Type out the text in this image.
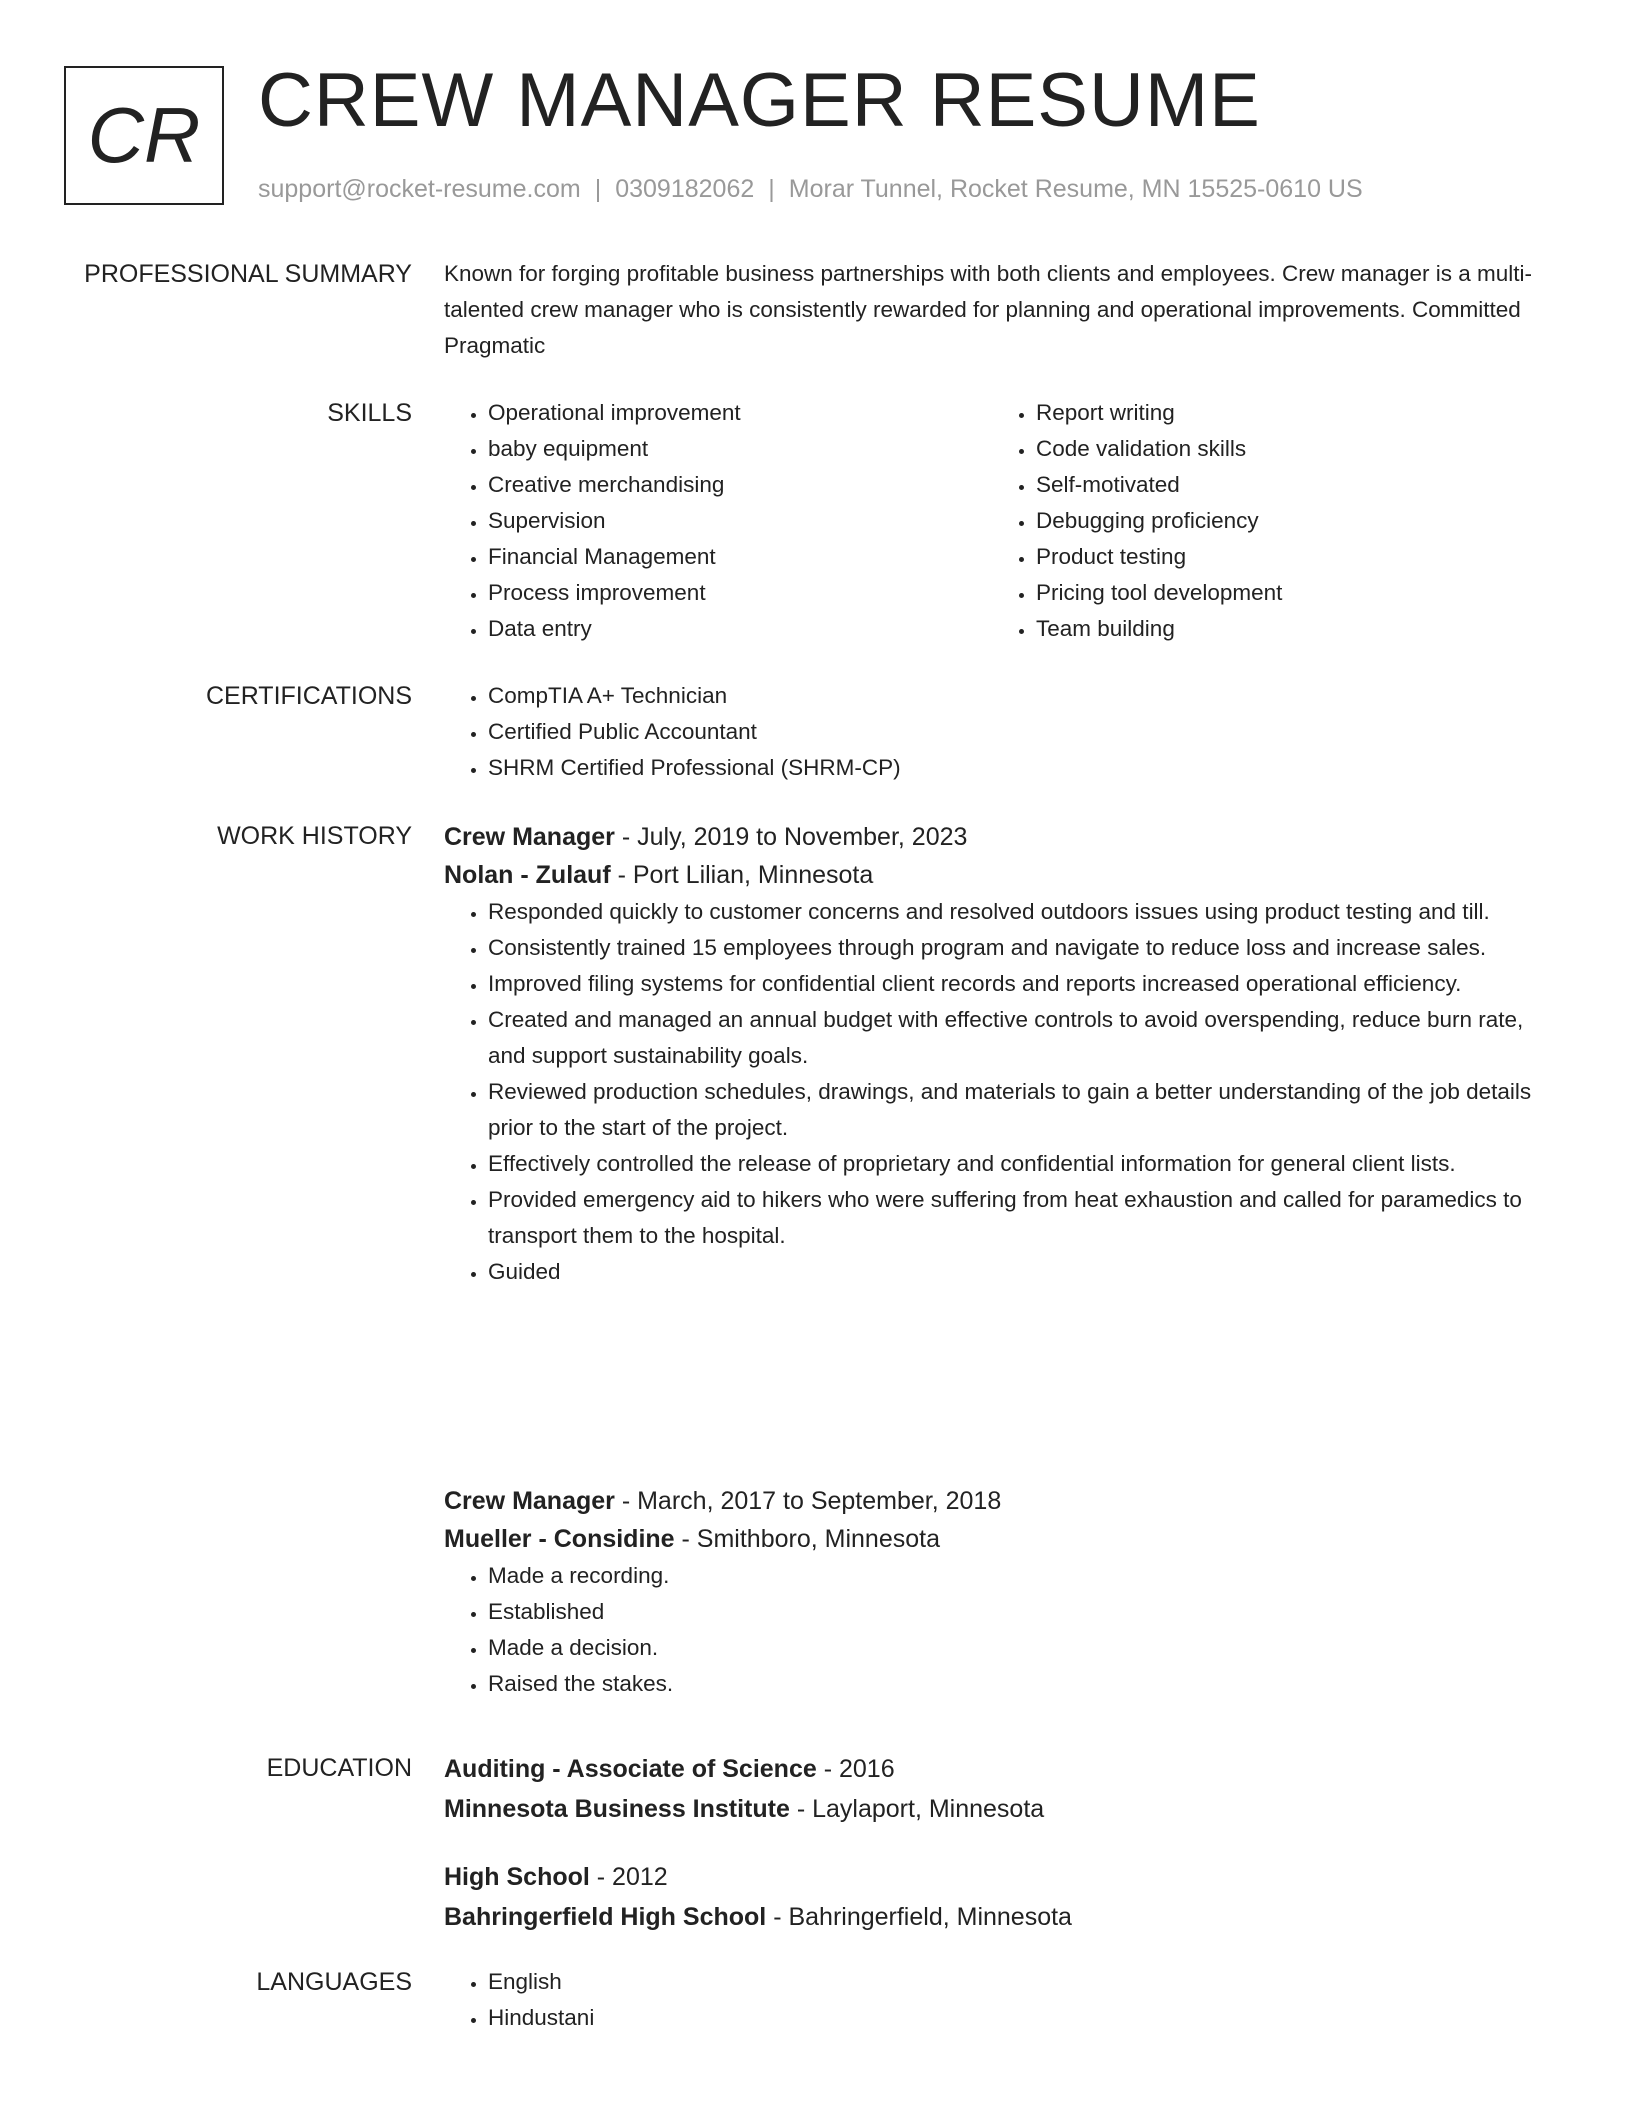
CR CREW MANAGER RESUME
support@rocket-resume.com | 0309182062 | Morar Tunnel, Rocket Resume, MN 15525-0610 US
PROFESSIONAL SUMMARY Known for forging profitable business partnerships with both clients and employees. Crew manager is a multi-talented crew manager who is consistently rewarded for planning and operational improvements. Committed Pragmatic

SKILLS	• Operational improvement
• baby equipment
• Creative merchandising
• Supervision
• Financial Management
• Process improvement
• Data entry
• Report writing
• Code validation skills
• Self-motivated
• Debugging proficiency
• Product testing
• Pricing tool development
• Team building
CERTIFICATIONS	• CompTIA A+ Technician
• Certified Public Accountant
• SHRM Certified Professional (SHRM-CP)
WORK HISTORY Crew Manager - July, 2019 to November, 2023
Nolan - Zulauf - Port Lilian, Minnesota
• Responded quickly to customer concerns and resolved outdoors issues using product testing and till.
• Consistently trained 15 employees through program and navigate to reduce loss and increase sales.
• Improved filing systems for confidential client records and reports increased operational efficiency.
• Created and managed an annual budget with effective controls to avoid overspending, reduce burn rate, and support sustainability goals.
• Reviewed production schedules, drawings, and materials to gain a better understanding of the job details prior to the start of the project.
• Effectively controlled the release of proprietary and confidential information for general client lists.
• Provided emergency aid to hikers who were suffering from heat exhaustion and called for paramedics to transport them to the hospital.
• Guided
Crew Manager - March, 2017 to September, 2018
Mueller - Considine - Smithboro, Minnesota
• Made a recording.
• Established
• Made a decision.
• Raised the stakes.
EDUCATION Auditing - Associate of Science - 2016
Minnesota Business Institute - Laylaport, Minnesota
High School - 2012
Bahringerfield High School - Bahringerfield, Minnesota
LANGUAGES	• English
• Hindustani
